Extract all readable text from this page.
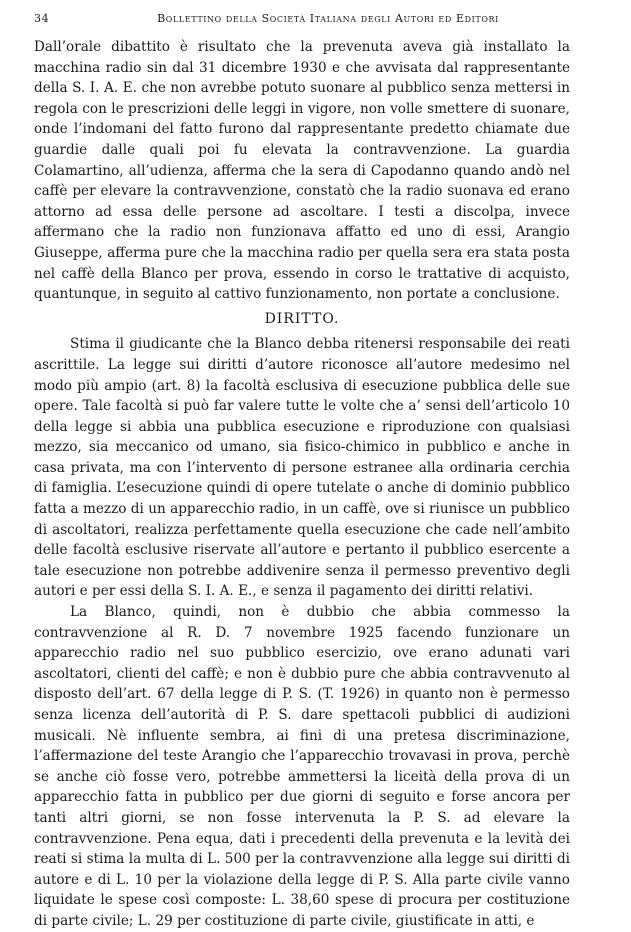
34	Bollettino della Società Italiana degli Autori ed Editori

Dall’orale dibattito è risultato che la prevenuta aveva già installato la macchina radio sin dal 31 dicembre 1930 e che avvisata dal rappresentante della S. I. A. E. che non avrebbe potuto suonare al pubblico senza mettersi in regola con le prescrizioni delle leggi in vigore, non volle smettere di suonare, onde l’indomani del fatto furono dal rappresentante predetto chiamate due guardie dalle quali poi fu elevata la contravvenzione. La guardia Colamartino, all’udienza, afferma che la sera di Capodanno quando andò nel caffè per elevare la contravvenzione, constatò che la radio suonava ed erano attorno ad essa delle persone ad ascoltare. I testi a discolpa, invece affermano che la radio non funzionava affatto ed uno di essi, Arangio Giuseppe, afferma pure che la macchina radio per quella sera era stata posta nel caffè della Blanco per prova, essendo in corso le trattative di acquisto, quantunque, in seguito al cattivo funzionamento, non portate a conclusione.

DIRITTO.

Stima il giudicante che la Blanco debba ritenersi responsabile dei reati ascrittile. La legge sui diritti d’autore riconosce all’autore medesimo nel modo più ampio (art. 8) la facoltà esclusiva di esecuzione pubblica delle sue opere. Tale facoltà si può far valere tutte le volte che a’ sensi dell’articolo 10 della legge si abbia una pubblica esecuzione e riproduzione con qualsiasi mezzo, sia meccanico od umano, sia fisico-chimico in pubblico e anche in casa privata, ma con l’intervento di persone estranee alla ordinaria cerchia di famiglia. L’esecuzione quindi di opere tutelate o anche di dominio pubblico fatta a mezzo di un apparecchio radio, in un caffè, ove si riunisce un pubblico di ascoltatori, realizza perfettamente quella esecuzione che cade nell’ambito delle facoltà esclusive riservate all’autore e pertanto il pubblico esercente a tale esecuzione non potrebbe addivenire senza il permesso preventivo degli autori e per essi della S. I. A. E., e senza il pagamento dei diritti relativi.

La Blanco, quindi, non è dubbio che abbia commesso la contravvenzione al R. D. 7 novembre 1925 facendo funzionare un apparecchio radio nel suo pubblico esercizio, ove erano adunati vari ascoltatori, clienti del caffè; e non è dubbio pure che abbia contravvenuto al disposto dell’art. 67 della legge di P. S. (T. 1926) in quanto non è permesso senza licenza dell’autorità di P. S. dare spettacoli pubblici di audizioni musicali. Nè influente sembra, ai fini di una pretesa discriminazione, l’affermazione del teste Arangio che l’apparecchio trovavasi in prova, perchè se anche ciò fosse vero, potrebbe ammettersi la liceità della prova di un apparecchio fatta in pubblico per due giorni di seguito e forse ancora per tanti altri giorni, se non fosse intervenuta la P. S. ad elevare la contravvenzione. Pena equa, dati i precedenti della prevenuta e la levità dei reati si stima la multa di L. 500 per la contravvenzione alla legge sui diritti di autore e di L. 10 per la violazione della legge di P. S. Alla parte civile vanno liquidate le spese così composte: L. 38,60 spese di procura per costituzione di parte civile; L. 29 per costituzione di parte civile, giustificate in atti, e
